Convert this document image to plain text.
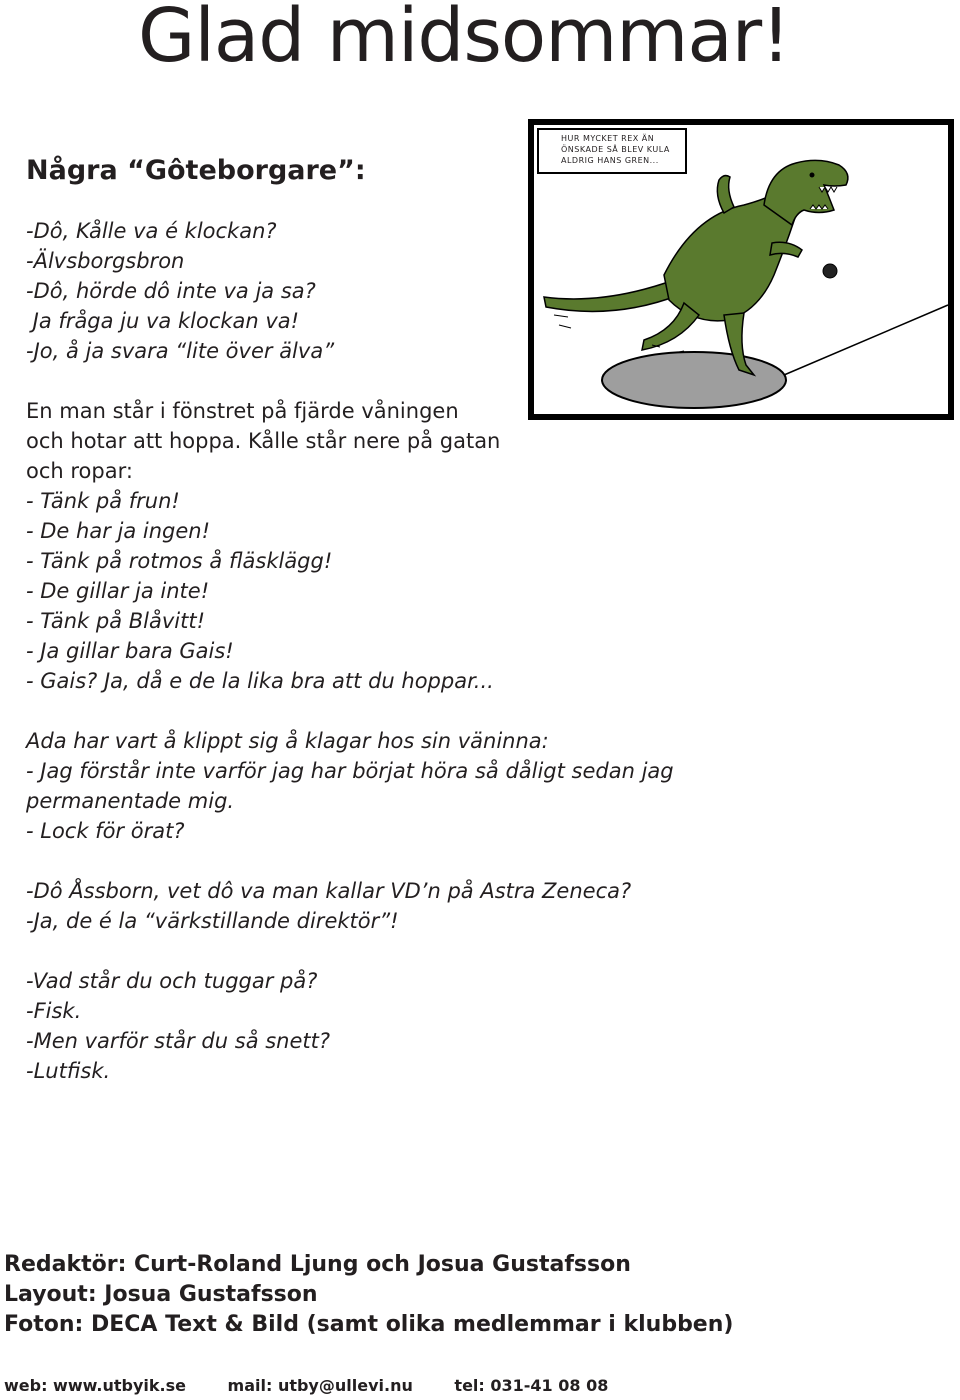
Glad midsommar!
Några “Gôteborgare”:
HUR MYCKET REX ÄN
ÖNSKADE SÅ BLEV KULA
ALDRIG HANS GREN...
-Dô, Kålle va é klockan?
-Älvsborgsbron
-Dô, hörde dô inte va ja sa?
Ja fråga ju va klockan va!
-Jo, å ja svara “lite över älva”
En man står i fönstret på fjärde våningen
och hotar att hoppa. Kålle står nere på gatan
och ropar:
- Tänk på frun!
- De har ja ingen!
- Tänk på rotmos å fläsklägg!
- De gillar ja inte!
- Tänk på Blåvitt!
- Ja gillar bara Gais!
- Gais? Ja, då e de la lika bra att du hoppar...
Ada har vart å klippt sig å klagar hos sin väninna:
- Jag förstår inte varför jag har börjat höra så dåligt sedan jag
permanentade mig.
- Lock för örat?
-Dô Åssborn, vet dô va man kallar VD’n på Astra Zeneca?
-Ja, de é la “värkstillande direktör”!
-Vad står du och tuggar på?
-Fisk.
-Men varför står du så snett?
-Lutfisk.
Redaktör: Curt-Roland Ljung och Josua Gustafsson
Layout: Josua Gustafsson
Foton: DECA Text & Bild (samt olika medlemmar i klubben)
web: www.utbyik.se	mail: utby@ullevi.nu	tel: 031-41 08 08
